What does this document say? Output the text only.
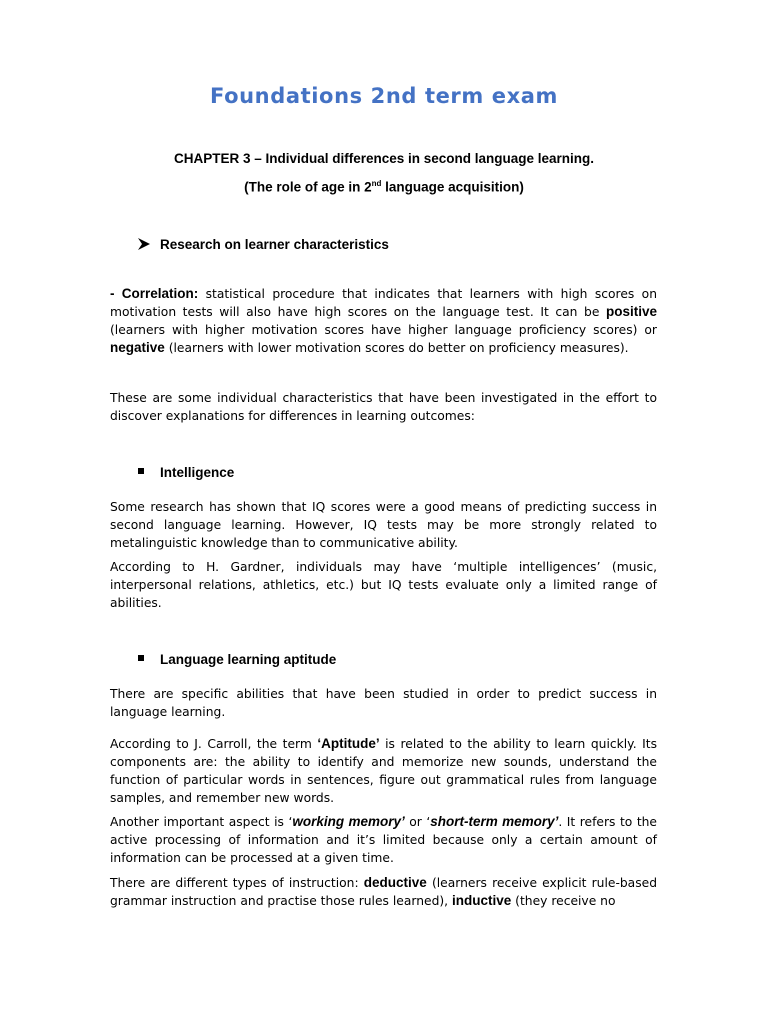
Foundations 2nd term exam
CHAPTER 3 – Individual differences in second language learning.
(The role of age in 2nd language acquisition)
Research on learner characteristics
- Correlation: statistical procedure that indicates that learners with high scores on motivation tests will also have high scores on the language test. It can be positive (learners with higher motivation scores have higher language proficiency scores) or negative (learners with lower motivation scores do better on proficiency measures).
These are some individual characteristics that have been investigated in the effort to discover explanations for differences in learning outcomes:
Intelligence
Some research has shown that IQ scores were a good means of predicting success in second language learning. However, IQ tests may be more strongly related to metalinguistic knowledge than to communicative ability.
According to H. Gardner, individuals may have ‘multiple intelligences’ (music, interpersonal relations, athletics, etc.) but IQ tests evaluate only a limited range of abilities.
Language learning aptitude
There are specific abilities that have been studied in order to predict success in language learning.
According to J. Carroll, the term ‘Aptitude’ is related to the ability to learn quickly. Its components are: the ability to identify and memorize new sounds, understand the function of particular words in sentences, figure out grammatical rules from language samples, and remember new words.
Another important aspect is ‘working memory’ or ‘short-term memory’. It refers to the active processing of information and it’s limited because only a certain amount of information can be processed at a given time.
There are different types of instruction: deductive (learners receive explicit rule-based grammar instruction and practise those rules learned), inductive (they receive no
